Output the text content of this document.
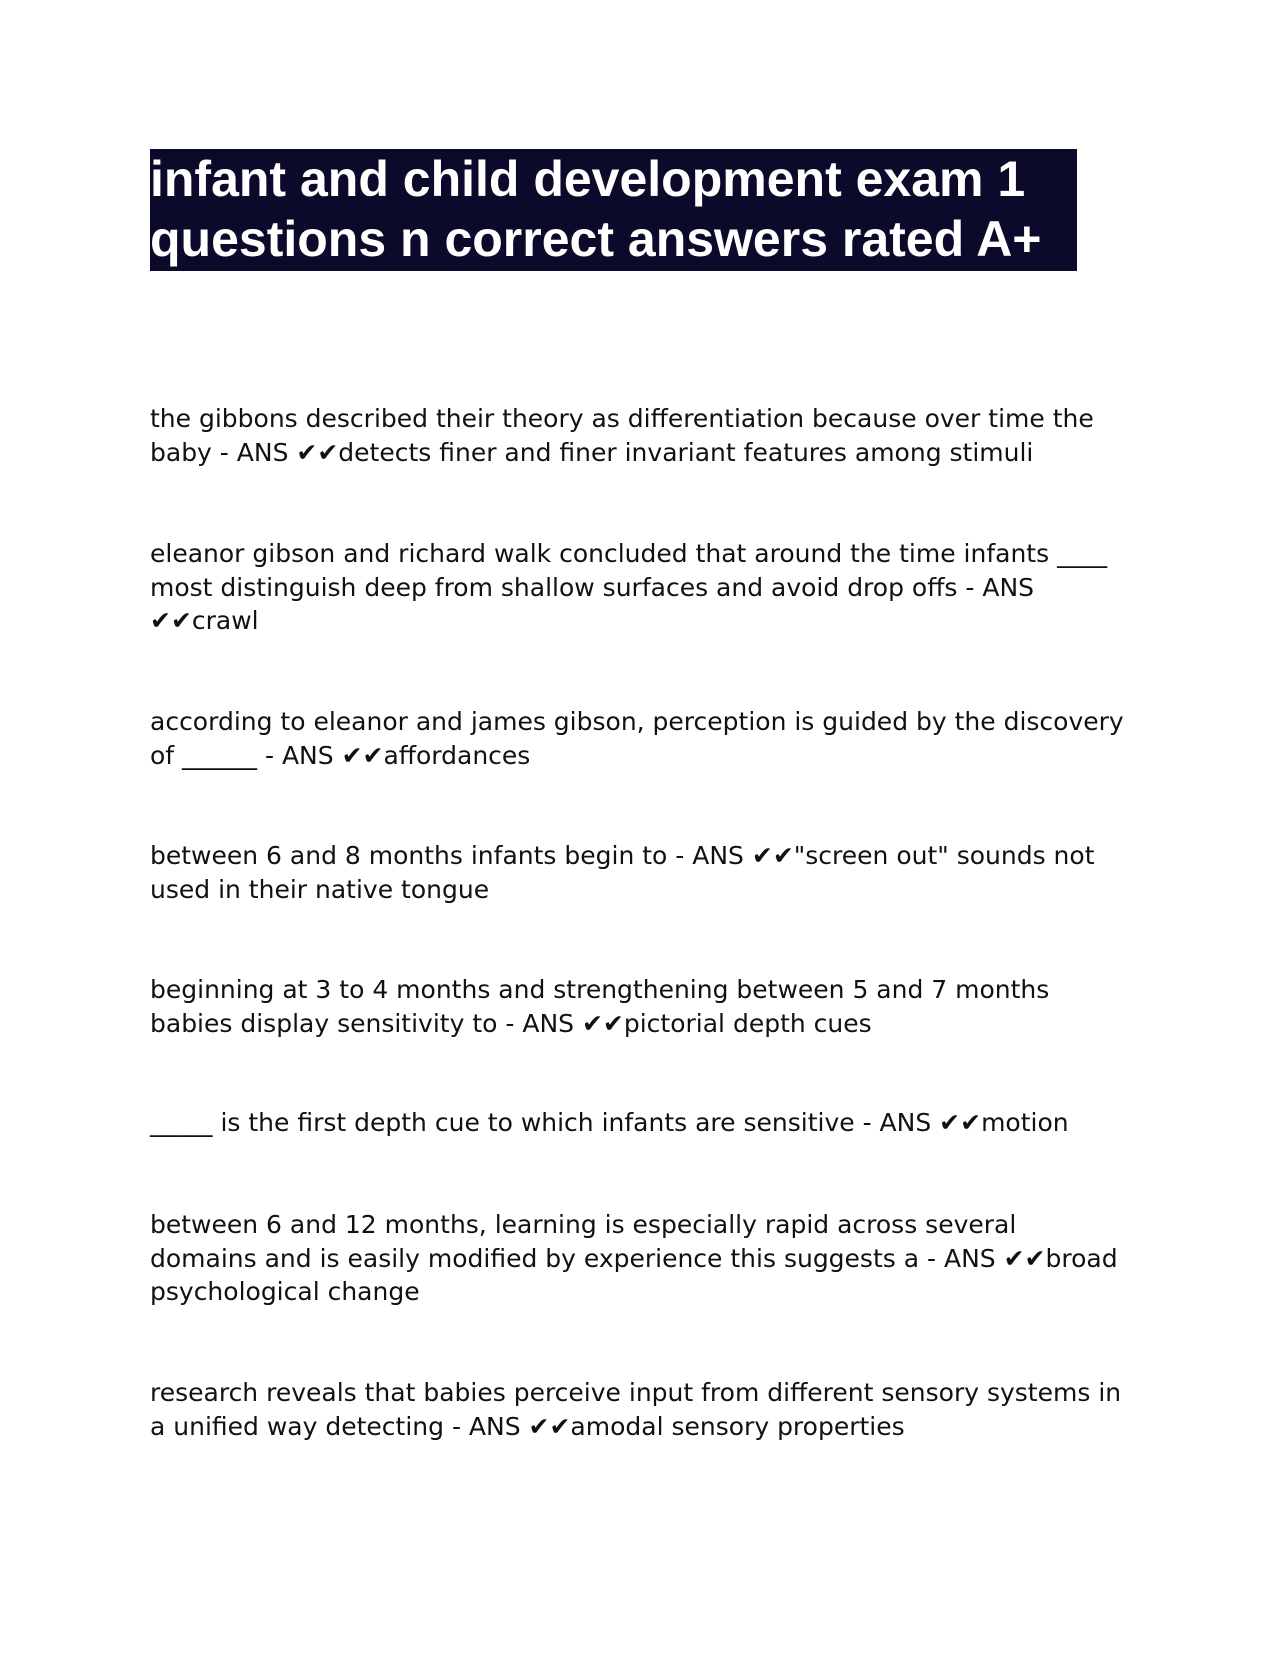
infant and child development exam 1
questions n correct answers rated A+
the gibbons described their theory as differentiation because over time the
baby - ANS ✔✔detects finer and finer invariant features among stimuli
eleanor gibson and richard walk concluded that around the time infants ____
most distinguish deep from shallow surfaces and avoid drop offs - ANS
✔✔crawl
according to eleanor and james gibson, perception is guided by the discovery
of ______ - ANS ✔✔affordances
between 6 and 8 months infants begin to - ANS ✔✔"screen out" sounds not
used in their native tongue
beginning at 3 to 4 months and strengthening between 5 and 7 months
babies display sensitivity to - ANS ✔✔pictorial depth cues
_____ is the first depth cue to which infants are sensitive - ANS ✔✔motion
between 6 and 12 months, learning is especially rapid across several
domains and is easily modified by experience this suggests a - ANS ✔✔broad
psychological change
research reveals that babies perceive input from different sensory systems in
a unified way detecting - ANS ✔✔amodal sensory properties
